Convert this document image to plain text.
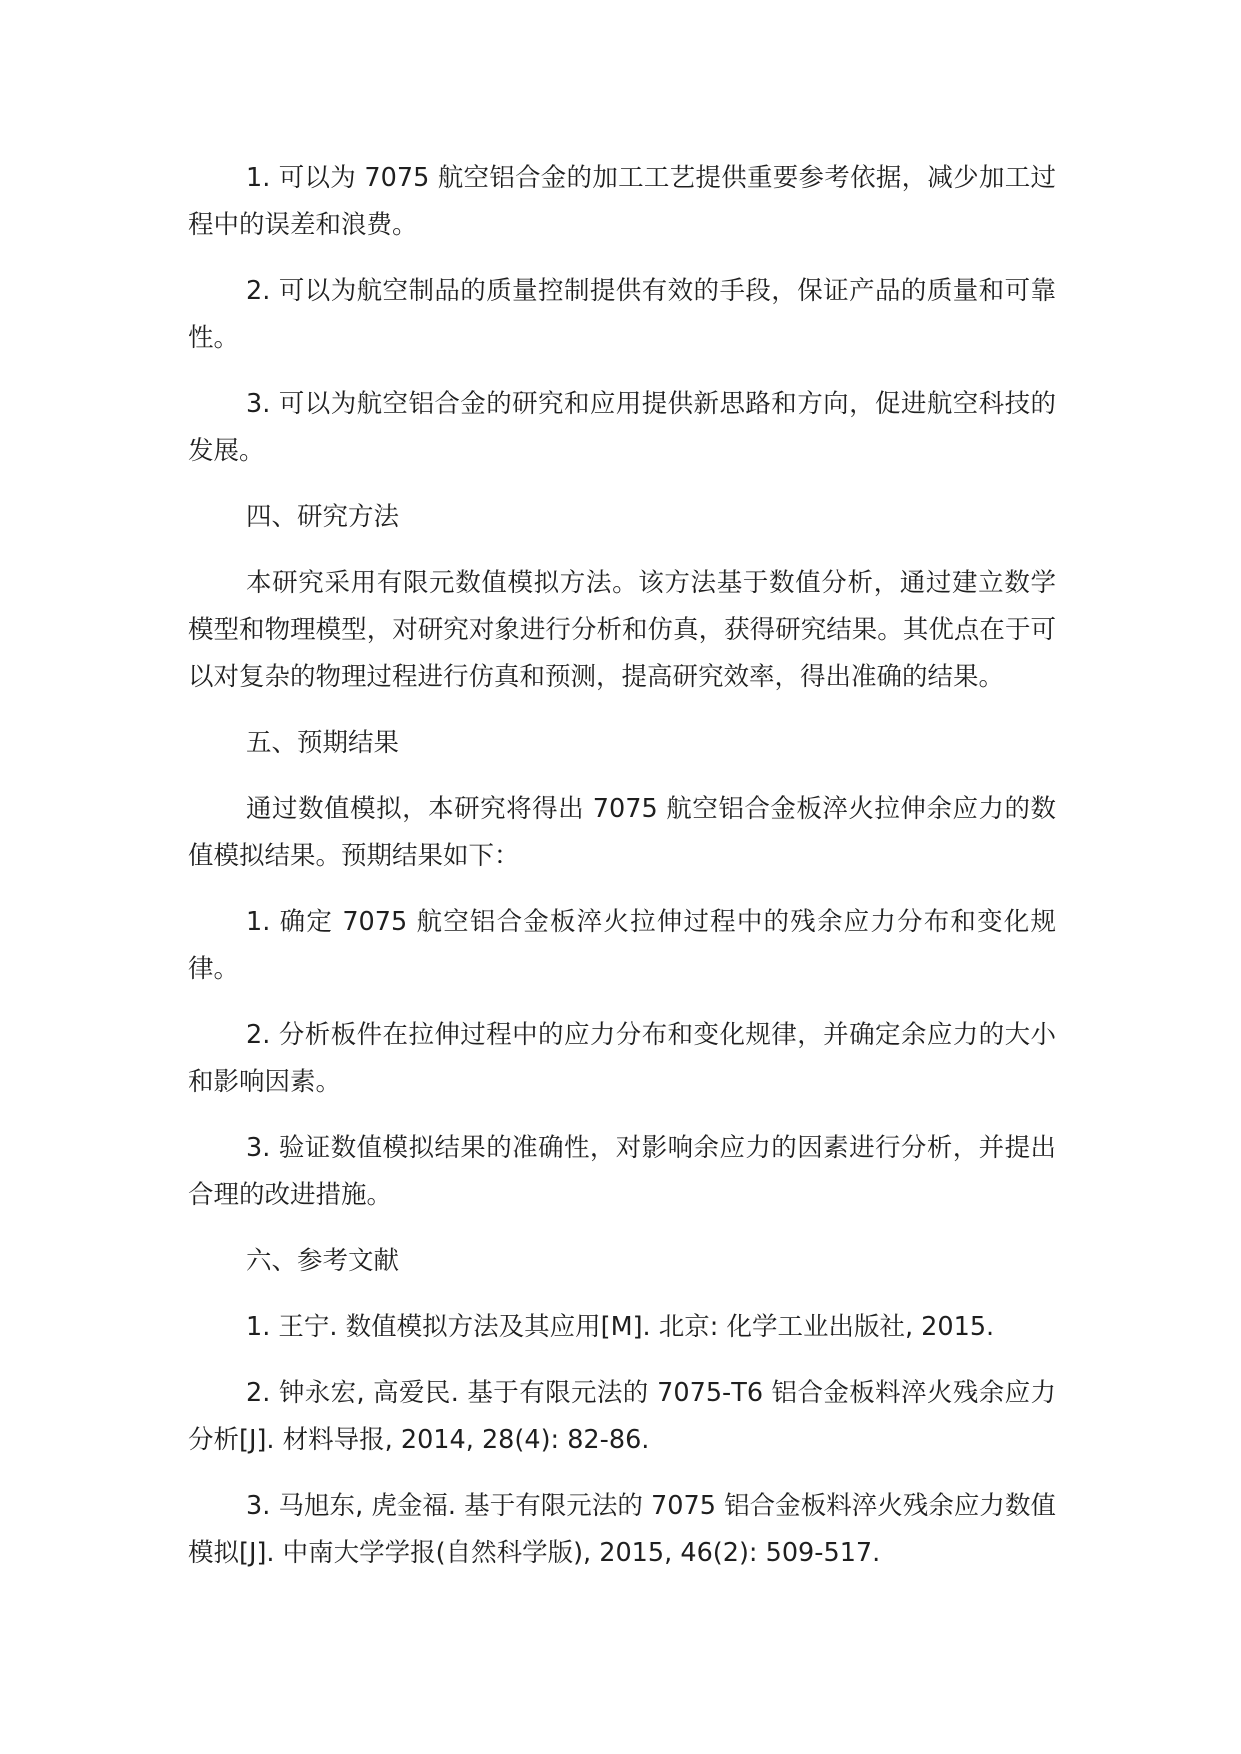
1. 可以为 7075 航空铝合金的加工工艺提供重要参考依据，减少加工过程中的误差和浪费。

2. 可以为航空制品的质量控制提供有效的手段，保证产品的质量和可靠性。

3. 可以为航空铝合金的研究和应用提供新思路和方向，促进航空科技的发展。

四、研究方法

本研究采用有限元数值模拟方法。该方法基于数值分析，通过建立数学模型和物理模型，对研究对象进行分析和仿真，获得研究结果。其优点在于可以对复杂的物理过程进行仿真和预测，提高研究效率，得出准确的结果。

五、预期结果

通过数值模拟，本研究将得出 7075 航空铝合金板淬火拉伸余应力的数值模拟结果。预期结果如下：

1. 确定 7075 航空铝合金板淬火拉伸过程中的残余应力分布和变化规律。

2. 分析板件在拉伸过程中的应力分布和变化规律，并确定余应力的大小和影响因素。

3. 验证数值模拟结果的准确性，对影响余应力的因素进行分析，并提出合理的改进措施。

六、参考文献

1. 王宁. 数值模拟方法及其应用[M]. 北京: 化学工业出版社, 2015.

2. 钟永宏, 高爱民. 基于有限元法的 7075-T6 铝合金板料淬火残余应力分析[J]. 材料导报, 2014, 28(4): 82-86.

3. 马旭东, 虎金福. 基于有限元法的 7075 铝合金板料淬火残余应力数值模拟[J]. 中南大学学报(自然科学版), 2015, 46(2): 509-517.
